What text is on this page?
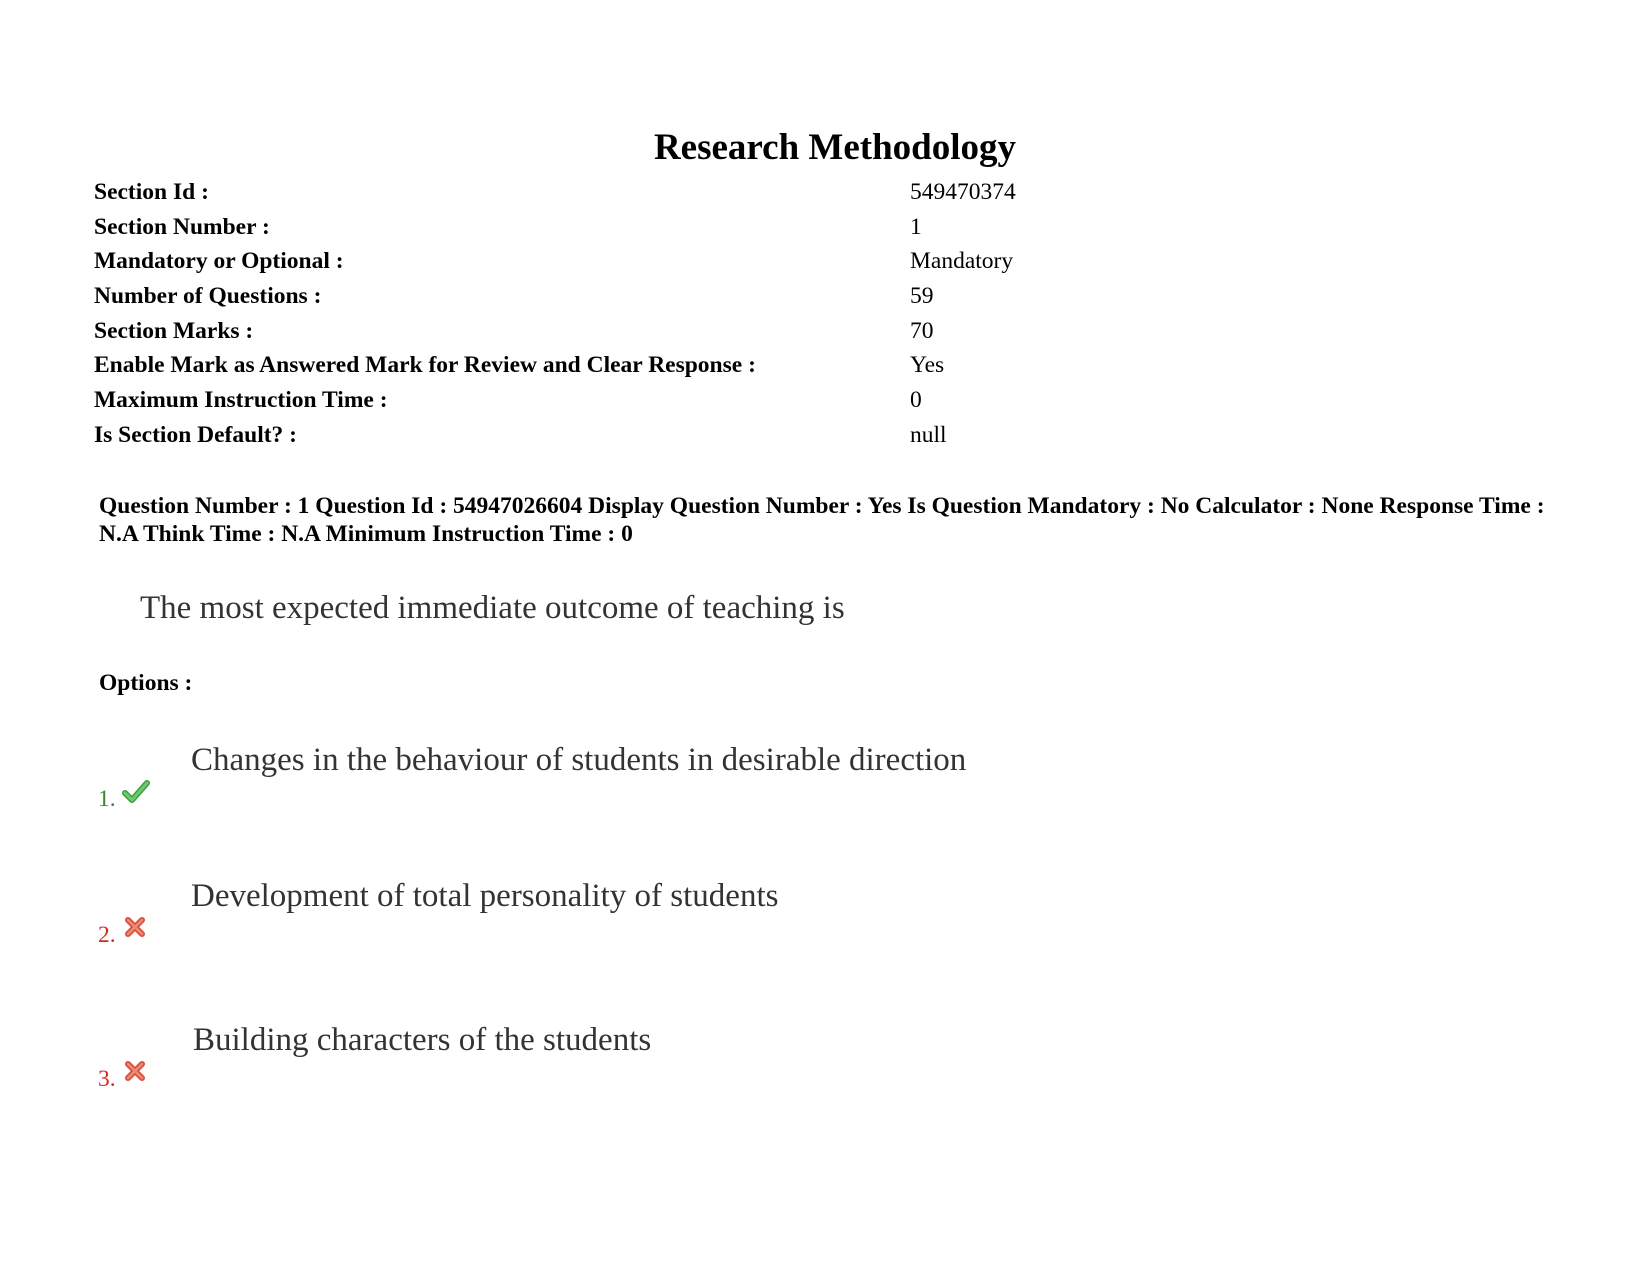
Research Methodology
Section Id :	549470374
Section Number :	1
Mandatory or Optional :	Mandatory
Number of Questions :	59
Section Marks :	70
Enable Mark as Answered Mark for Review and Clear Response :	Yes
Maximum Instruction Time :	0
Is Section Default? :	null
Question Number : 1 Question Id : 54947026604 Display Question Number : Yes Is Question Mandatory : No Calculator : None Response Time : N.A Think Time : N.A Minimum Instruction Time : 0
The most expected immediate outcome of teaching is
Options :
Changes in the behaviour of students in desirable direction
1.
Development of total personality of students
2.
Building characters of the students
3.
